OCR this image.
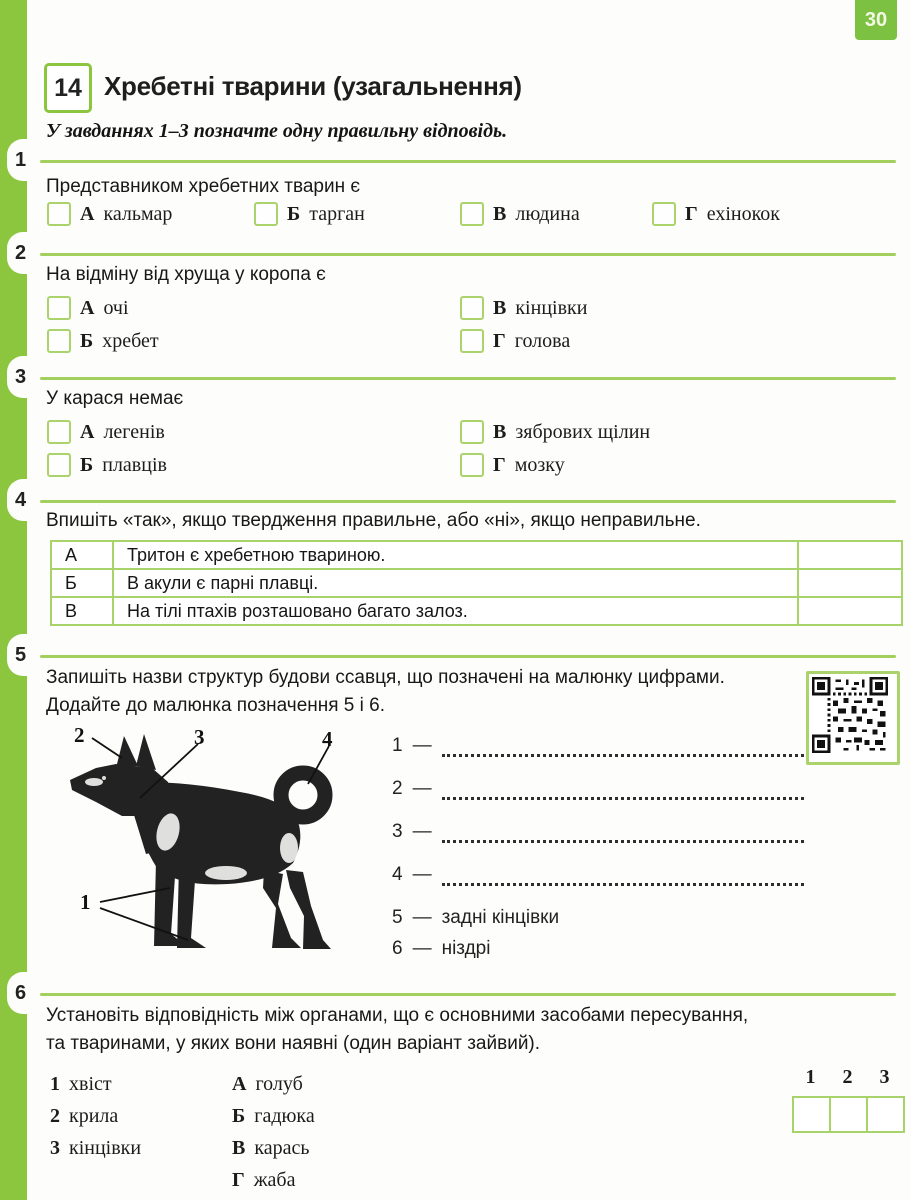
30
14 Хребетні тварини (узагальнення)
У завданнях 1–3 позначте одну правильну відповідь.
1
Представником хребетних тварин є
А кальмар	Б тарган	В людина	Г ехінокок
2
На відміну від хруща у коропа є
А очі
Б хребет
В кінцівки
Г голова
3
У карася немає
А легенів
Б плавців
В зябрових щілин
Г мозку
4
Впишіть «так», якщо твердження правильне, або «ні», якщо неправильне.
А	Тритон є хребетною твариною.	
Б	В акули є парні плавці.	
В	На тілі птахів розташовано багато залоз.	
5
Запишіть назви структур будови ссавця, що позначені на малюнку цифрами.
Додайте до малюнка позначення 5 і 6.
2	3	4
1
1 —
2 —
3 —
4 —
5 — задні кінцівки
6 — ніздрі
6
Установіть відповідність між органами, що є основними засобами пересування,
та тваринами, у яких вони наявні (один варіант зайвий).
1 хвіст
2 крила
3 кінцівки
А голуб
Б гадюка
В карась
Г жаба
1	2	3
